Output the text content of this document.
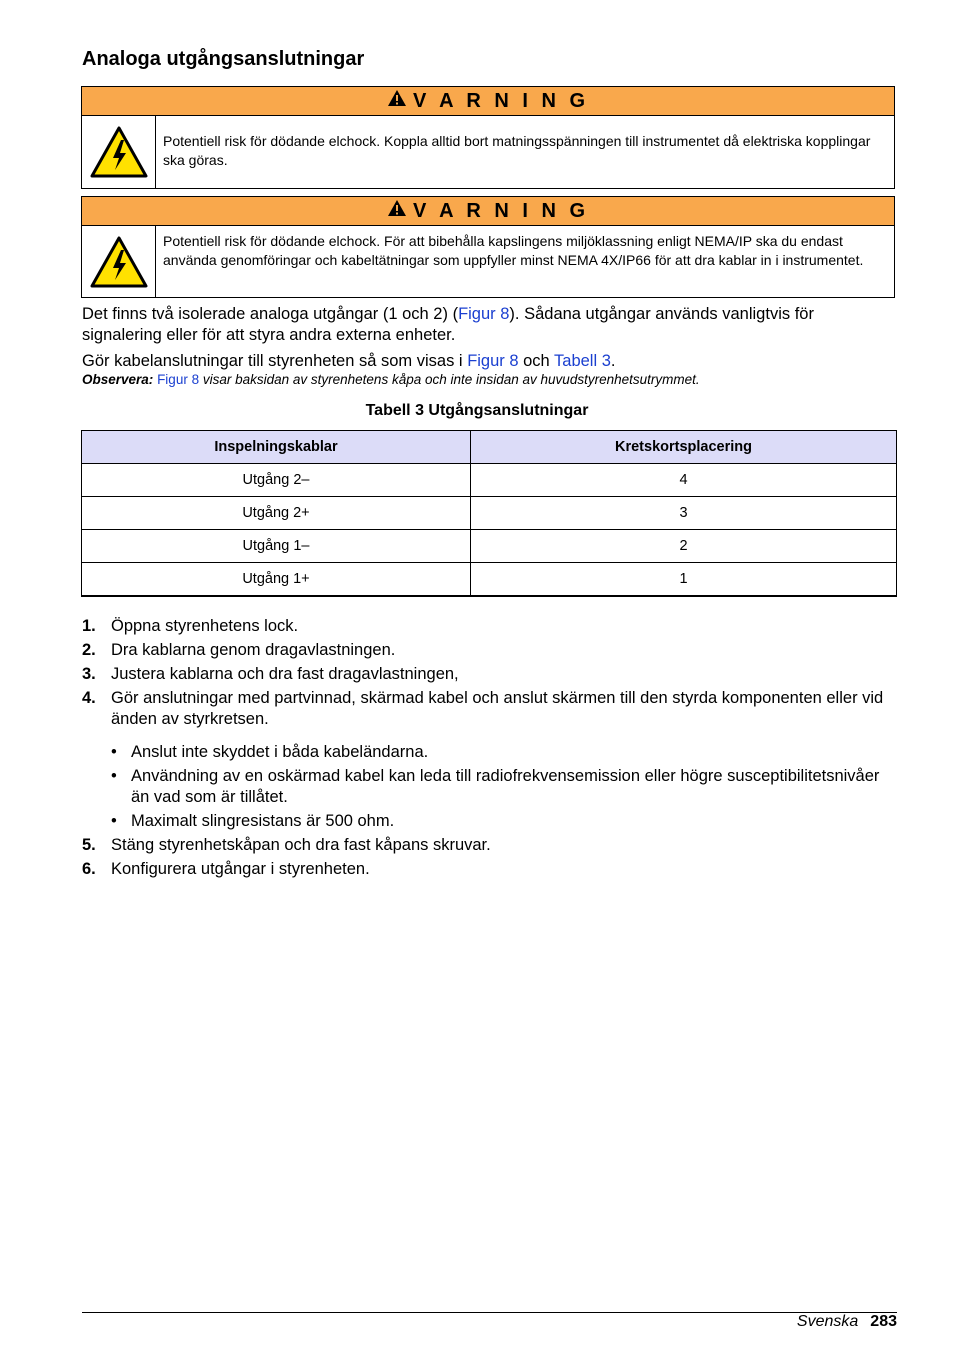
Analoga utgångsanslutningar
V A R N I N G
Potentiell risk för dödande elchock. Koppla alltid bort matningsspänningen till instrumentet då elektriska kopplingar ska göras.
V A R N I N G
Potentiell risk för dödande elchock. För att bibehålla kapslingens miljöklassning enligt NEMA/IP ska du endast använda genomföringar och kabeltätningar som uppfyller minst NEMA 4X/IP66 för att dra kablar in i instrumentet.

Det finns två isolerade analoga utgångar (1 och 2) (Figur 8). Sådana utgångar används vanligtvis för signalering eller för att styra andra externa enheter.

Gör kabelanslutningar till styrenheten så som visas i Figur 8 och Tabell 3.

Observera: Figur 8 visar baksidan av styrenhetens kåpa och inte insidan av huvudstyrenhetsutrymmet.
Tabell 3 Utgångsanslutningar
Inspelningskablar	Kretskortsplacering
Utgång 2–	4
Utgång 2+	3
Utgång 1–	2
Utgång 1+	1
1. Öppna styrenhetens lock.
2. Dra kablarna genom dragavlastningen.
3. Justera kablarna och dra fast dragavlastningen,
4. Gör anslutningar med partvinnad, skärmad kabel och anslut skärmen till den styrda komponenten eller vid änden av styrkretsen.
• Anslut inte skyddet i båda kabeländarna.
• Användning av en oskärmad kabel kan leda till radiofrekvensemission eller högre susceptibilitetsnivåer än vad som är tillåtet.
• Maximalt slingresistans är 500 ohm.
5. Stäng styrenhetskåpan och dra fast kåpans skruvar.
6. Konfigurera utgångar i styrenheten.
Svenska 283
